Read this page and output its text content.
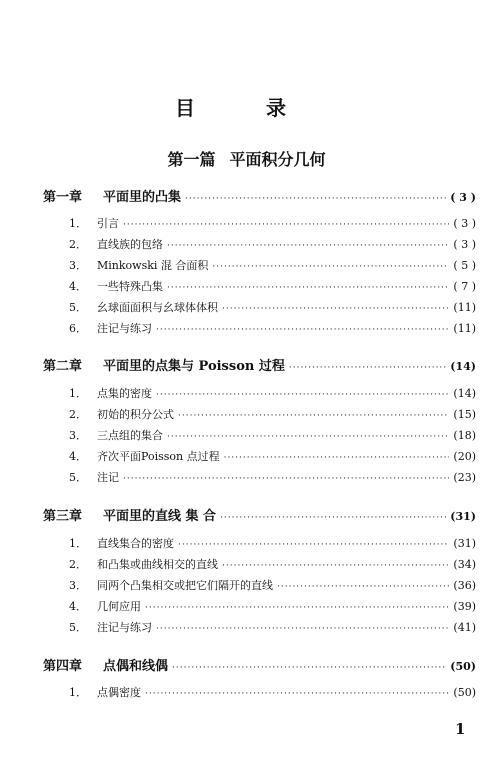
目 录
第一篇 平面积分几何
第一章	平面里的凸集 ·····	( 3 )
1． 引言 ·····	( 3 )
2． 直线族的包络 ·····	( 3 )
3． Minkowski 混 合面积 ·····	( 5 )
4． 一些特殊凸集 ·····	( 7 )
5． 幺球面面积与幺球体体积 ·····	(11)
6． 注记与练习 ·····	(11)
第二章	平面里的点集与 Poisson 过程 ·····	(14)
1． 点集的密度 ·····	(14)
2． 初始的积分公式 ·····	(15)
3． 三点组的集合 ·····	(18)
4． 齐次平面Poisson 点过程 ·····	(20)
5． 注记 ·····	(23)
第三章	平面里的直线 集 合 ·····	(31)
1． 直线集合的密度 ·····	(31)
2． 和凸集或曲线相交的直线 ·····	(34)
3． 同两个凸集相交或把它们隔开的直线 ·····	(36)
4． 几何应用 ·····	(39)
5． 注记与练习 ·····	(41)
第四章	点偶和线偶 ·····	(50)
1． 点偶密度 ·····	(50)
1
